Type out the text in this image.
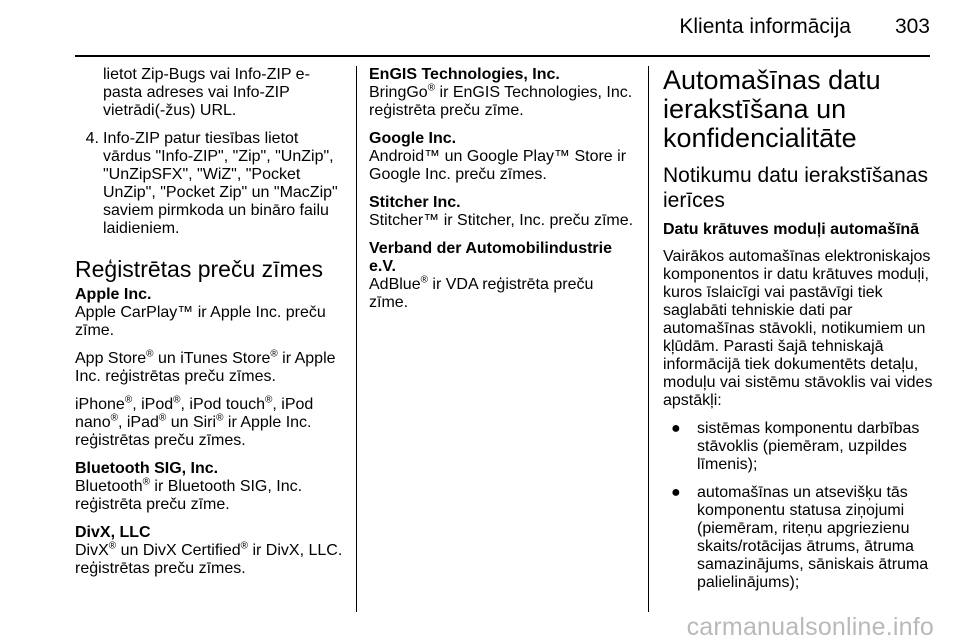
Klienta informācija 303

lietot Zip-Bugs vai Info-ZIP e-pasta adreses vai Info-ZIP vietrādi(-žus) URL.

4. Info-ZIP patur tiesības lietot vārdus "Info-ZIP", "Zip", "UnZip", "UnZipSFX", "WiZ", "Pocket UnZip", "Pocket Zip" un "MacZip" saviem pirmkoda un bināro failu laidieniem.
Reģistrētas preču zīmes

Apple Inc.
Apple CarPlay™ ir Apple Inc. preču zīme.

App Store® un iTunes Store® ir Apple Inc. reģistrētas preču zīmes.

iPhone®, iPod®, iPod touch®, iPod nano®, iPad® un Siri® ir Apple Inc. reģistrētas preču zīmes.

Bluetooth SIG, Inc.
Bluetooth® ir Bluetooth SIG, Inc. reģistrēta preču zīme.

DivX, LLC
DivX® un DivX Certified® ir DivX, LLC. reģistrētas preču zīmes.

EnGIS Technologies, Inc.
BringGo® ir EnGIS Technologies, Inc. reģistrēta preču zīme.

Google Inc.
Android™ un Google Play™ Store ir Google Inc. preču zīmes.

Stitcher Inc.
Stitcher™ ir Stitcher, Inc. preču zīme.

Verband der Automobilindustrie e.V.
AdBlue® ir VDA reģistrēta preču zīme.

Automašīnas datu ierakstīšana un konfidencialitāte
Notikumu datu ierakstīšanas ierīces
Datu krātuves moduļi automašīnā

Vairākos automašīnas elektroniskajos komponentos ir datu krātuves moduļi, kuros īslaicīgi vai pastāvīgi tiek saglabāti tehniskie dati par automašīnas stāvokli, notikumiem un kļūdām. Parasti šajā tehniskajā informācijā tiek dokumentēts detaļu, moduļu vai sistēmu stāvoklis vai vides apstākļi:

●	sistēmas komponentu darbības stāvoklis (piemēram, uzpildes līmenis);
●	automašīnas un atsevišķu tās komponentu statusa ziņojumi (piemēram, riteņu apgriezienu skaits/rotācijas ātrums, ātruma samazinājums, sāniskais ātruma palielinājums);
carmanualsonline.info
